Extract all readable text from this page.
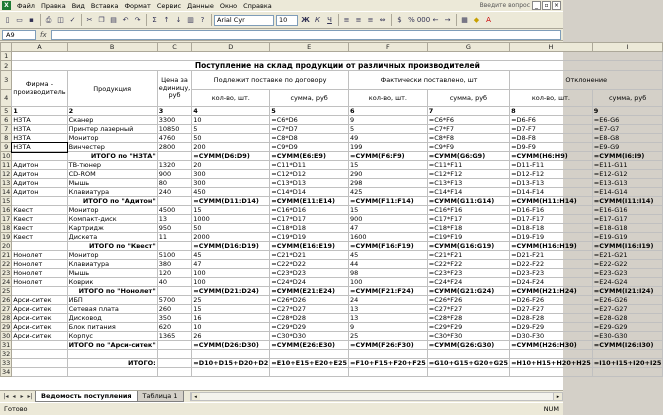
X	Файл Правка Вид Вставка Формат Сервис Данные Окно Справка	Введите вопрос _	▫ ×
▯ ▭ ▪	⎙ ◫ ✓	✂ ❐ ▤ ↶ ↷	Σ ↑ ↓ ▥ ?	Arial Cyr	10	Ж К	Ч	≡ ≡ ≡ ⇔	$ % 000 ← →	▦ ◆ A
A9	fx
	A	B	C	D	E	F	G	H	I
1									
2	Поступление на склад продукции от различных производителей								
3	Фирма - производитель	Продукция	Цена за единицу, руб	Подлежит поставке по договору		Фактически поставлено, шт		Отклонение	
4				кол-во, шт.	сумма, руб	кол-во, шт.	сумма, руб	кол-во, шт.	сумма, руб
5	1	2	3	4	5	6	7	8	9
6	НЗТА	Сканер	3300	10	=C6*D6	9	=C6*F6	=D6-F6	=E6-G6
7	НЗТА	Принтер лазерный	10850	5	=C7*D7	5	=C7*F7	=D7-F7	=E7-G7
8	НЗТА	Монитор	4760	50	=C8*D8	49	=C8*F8	=D8-F8	=E8-G8
9	НЗТА	Винчестер	2800	200	=C9*D9	199	=C9*F9	=D9-F9	=E9-G9
10		ИТОГО по "НЗТА"		=СУММ(D6:D9)	=СУММ(E6:E9)	=СУММ(F6:F9)	=СУММ(G6:G9)	=СУММ(H6:H9)	=СУММ(I6:I9)
11	Адитон	ТВ-тюнер	1320	20	=C11*D11	15	=C11*F11	=D11-F11	=E11-G11
12	Адитон	CD-ROM	900	300	=C12*D12	290	=C12*F12	=D12-F12	=E12-G12
13	Адитон	Мышь	80	300	=C13*D13	298	=C13*F13	=D13-F13	=E13-G13
14	Адитон	Клавиатура	240	450	=C14*D14	425	=C14*F14	=D14-F14	=E14-G14
15		ИТОГО по "Адитон"		=СУММ(D11:D14)	=СУММ(E11:E14)	=СУММ(F11:F14)	=СУММ(G11:G14)	=СУММ(H11:H14)	=СУММ(I11:I14)
16	Квест	Монитор	4500	15	=C16*D16	15	=C16*F16	=D16-F16	=E16-G16
17	Квест	Компакт-диск	13	1000	=C17*D17	900	=C17*F17	=D17-F17	=E17-G17
18	Квест	Картридж	950	50	=C18*D18	47	=C18*F18	=D18-F18	=E18-G18
19	Квест	Дискета	11	2000	=C19*D19	1600	=C19*F19	=D19-F19	=E19-G19
20		ИТОГО по "Квест"		=СУММ(D16:D19)	=СУММ(E16:E19)	=СУММ(F16:F19)	=СУММ(G16:G19)	=СУММ(H16:H19)	=СУММ(I16:I19)
21	Нонолет	Монитор	5100	45	=C21*D21	45	=C21*F21	=D21-F21	=E21-G21
22	Нонолет	Клавиатура	380	47	=C22*D22	44	=C22*F22	=D22-F22	=E22-G22
23	Нонолет	Мышь	120	100	=C23*D23	98	=C23*F23	=D23-F23	=E23-G23
24	Нонолет	Коврик	40	100	=C24*D24	100	=C24*F24	=D24-F24	=E24-G24
25		ИТОГО по "Нонолет"		=СУММ(D21:D24)	=СУММ(E21:E24)	=СУММ(F21:F24)	=СУММ(G21:G24)	=СУММ(H21:H24)	=СУММ(I21:I24)
26	Арси-ситек	ИБП	5700	25	=C26*D26	24	=C26*F26	=D26-F26	=E26-G26
27	Арси-ситек	Сетевая плата	260	15	=C27*D27	13	=C27*F27	=D27-F27	=E27-G27
28	Арси-ситек	Дисковод	350	16	=C28*D28	13	=C28*F28	=D28-F28	=E28-G28
29	Арси-ситек	Блок питания	620	10	=C29*D29	9	=C29*F29	=D29-F29	=E29-G29
30	Арси-ситек	Корпус	1365	26	=C30*D30	25	=C30*F30	=D30-F30	=E30-G30
31		ИТОГО по "Арси-ситек"		=СУММ(D26:D30)	=СУММ(E26:E30)	=СУММ(F26:F30)	=СУММ(G26:G30)	=СУММ(H26:H30)	=СУММ(I26:I30)
32									
33		ИТОГО:		=D10+D15+D20+D2	=E10+E15+E20+E25	=F10+F15+F20+F25	=G10+G15+G20+G25	=H10+H15+H20+H25	=I10+I15+I20+I25
34									
|◂ ◂ ▸ ▸|	Ведомость поступления	Таблица 1	◂	▸
Готово	NUM
